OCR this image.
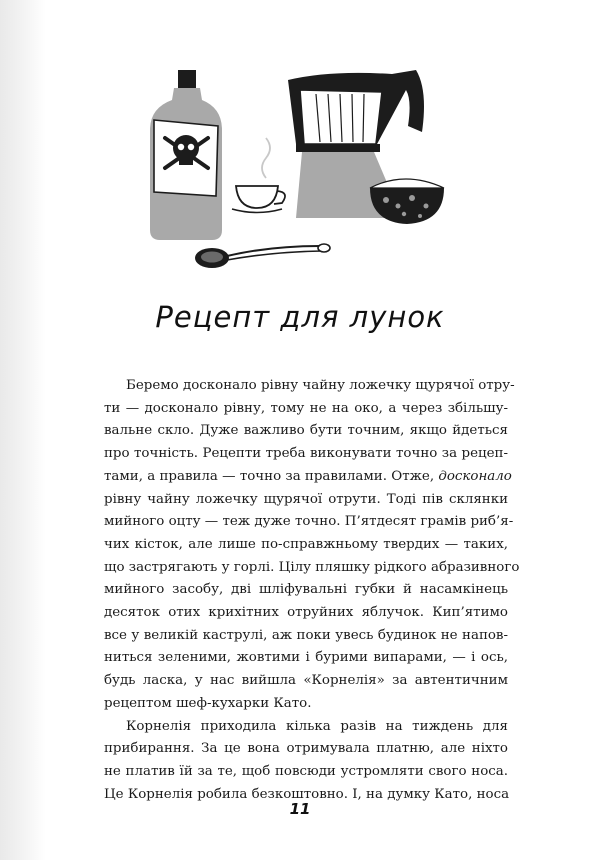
Рецепт для лунок

Беремо досконало рівну чайну ложечку щурячої отру-
ти — досконало рівну, тому не на око, а через збільшу-
вальне скло. Дуже важливо бути точним, якщо йдеться
про точність. Рецепти треба виконувати точно за рецеп-
тами, а правила — точно за правилами. Отже, досконало
рівну чайну ложечку щурячої отрути. Тоді пів склянки
мийного оцту — теж дуже точно. П’ятдесят грамів риб’я-
чих кісток, але лише по-справжньому твердих — таких,
що застрягають у горлі. Цілу пляшку рідкого абразивного
мийного засобу, дві шліфувальні губки й насамкінець
десяток отих крихітних отруйних яблучок. Кип’ятимо
все у великій каструлі, аж поки увесь будинок не напов-
ниться зеленими, жовтими і бурими випарами, — і ось,
будь ласка, у нас вийшла «Корнелія» за автентичним
рецептом шеф-кухарки Като.

Корнелія приходила кілька разів на тиждень для
прибирання. За це вона отримувала платню, але ніхто
не платив їй за те, щоб повсюди устромляти свого носа.
Це Корнелія робила безкоштовно. І, на думку Като, носа

11
